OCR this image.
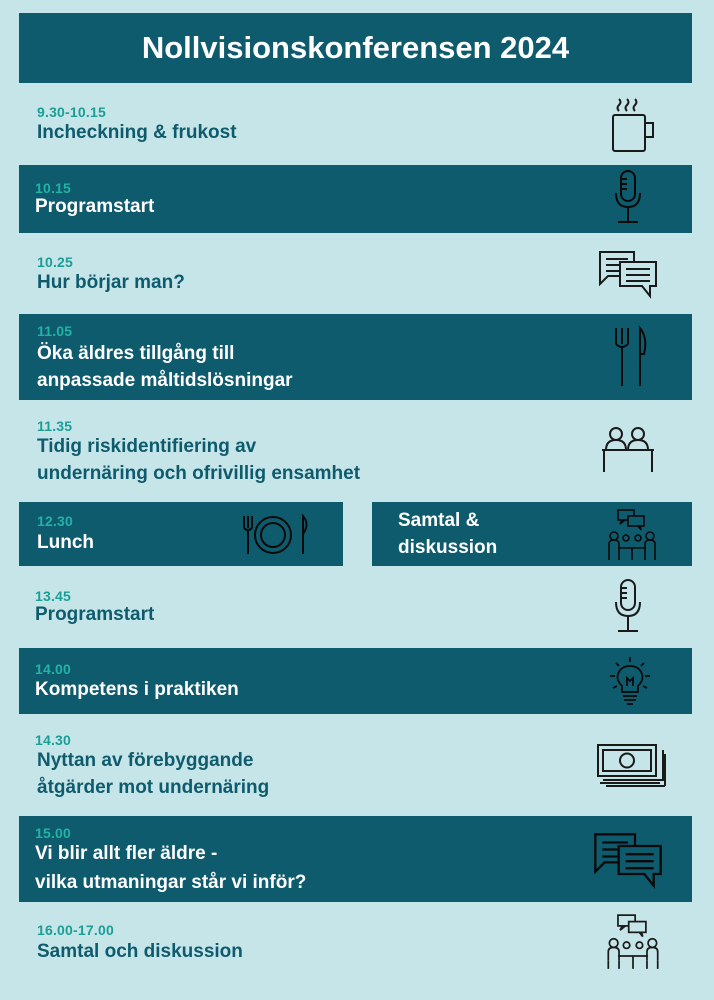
Nollvisionskonferensen 2024
9.30-10.15
Incheckning & frukost
10.15
Programstart
10.25
Hur börjar man?
11.05
Öka äldres tillgång till
anpassade måltidslösningar
11.35
Tidig riskidentifiering av
undernäring och ofrivillig ensamhet
12.30
Lunch
Samtal &
diskussion
13.45
Programstart
14.00
Kompetens i praktiken
14.30
Nyttan av förebyggande
åtgärder mot undernäring
15.00
Vi blir allt fler äldre -
vilka utmaningar står vi inför?
16.00-17.00
Samtal och diskussion
